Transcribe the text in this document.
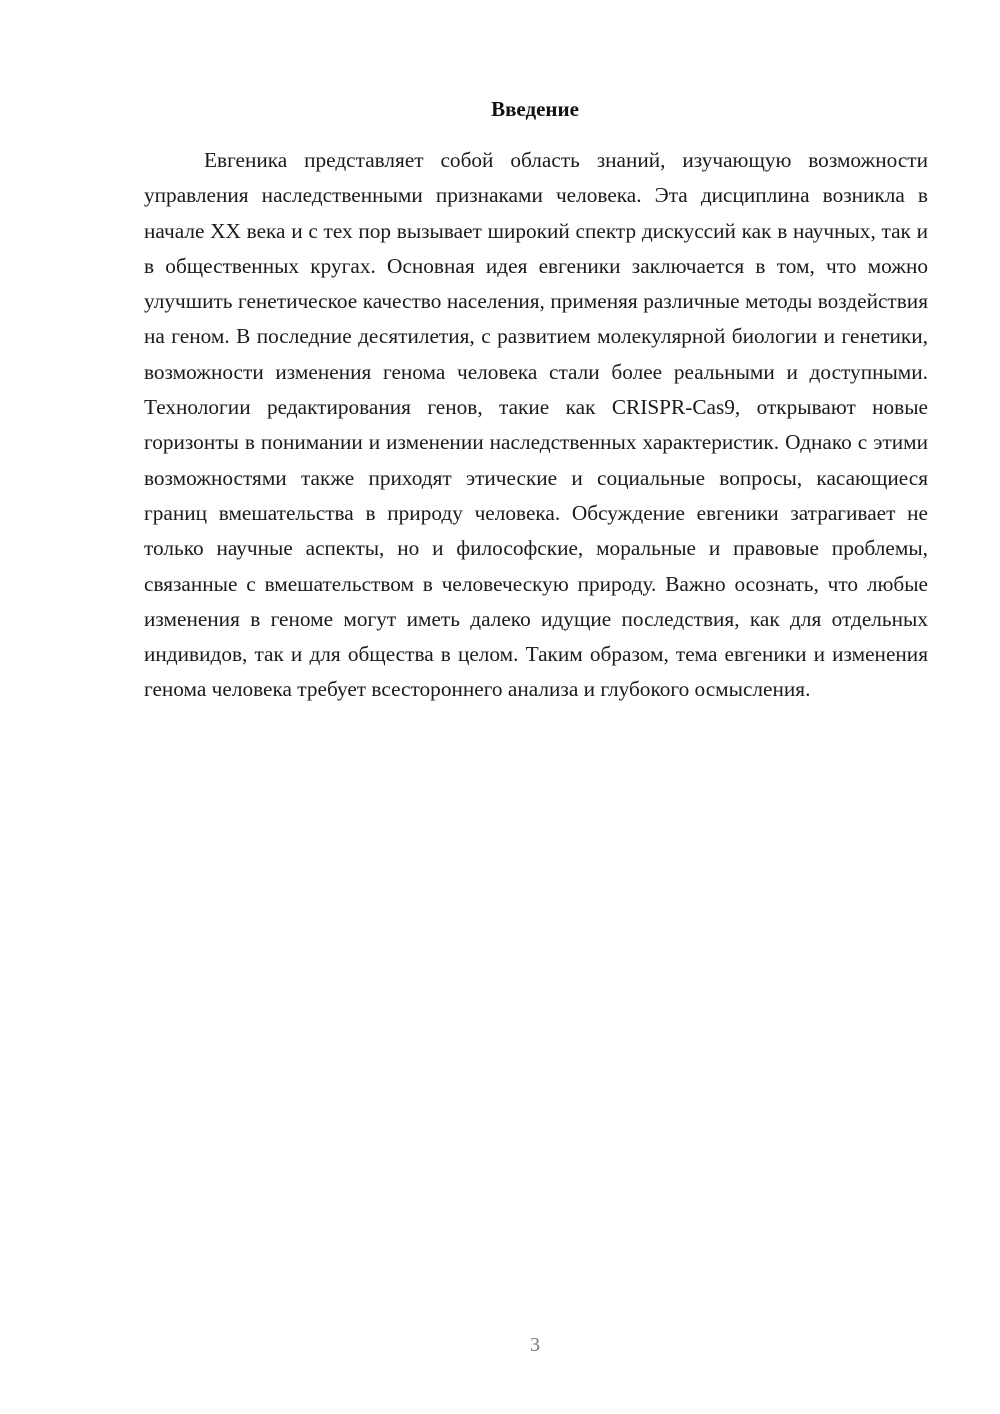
Введение

Евгеника представляет собой область знаний, изучающую возможности управления наследственными признаками человека. Эта дисциплина возникла в начале XX века и с тех пор вызывает широкий спектр дискуссий как в научных, так и в общественных кругах. Основная идея евгеники заключается в том, что можно улучшить генетическое качество населения, применяя различные методы воздействия на геном. В последние десятилетия, с развитием молекулярной биологии и генетики, возможности изменения генома человека стали более реальными и доступными. Технологии редактирования генов, такие как CRISPR-Cas9, открывают новые горизонты в понимании и изменении наследственных характеристик. Однако с этими возможностями также приходят этические и социальные вопросы, касающиеся границ вмешательства в природу человека. Обсуждение евгеники затрагивает не только научные аспекты, но и философские, моральные и правовые проблемы, связанные с вмешательством в человеческую природу. Важно осознать, что любые изменения в геноме могут иметь далеко идущие последствия, как для отдельных индивидов, так и для общества в целом. Таким образом, тема евгеники и изменения генома человека требует всестороннего анализа и глубокого осмысления.

3
